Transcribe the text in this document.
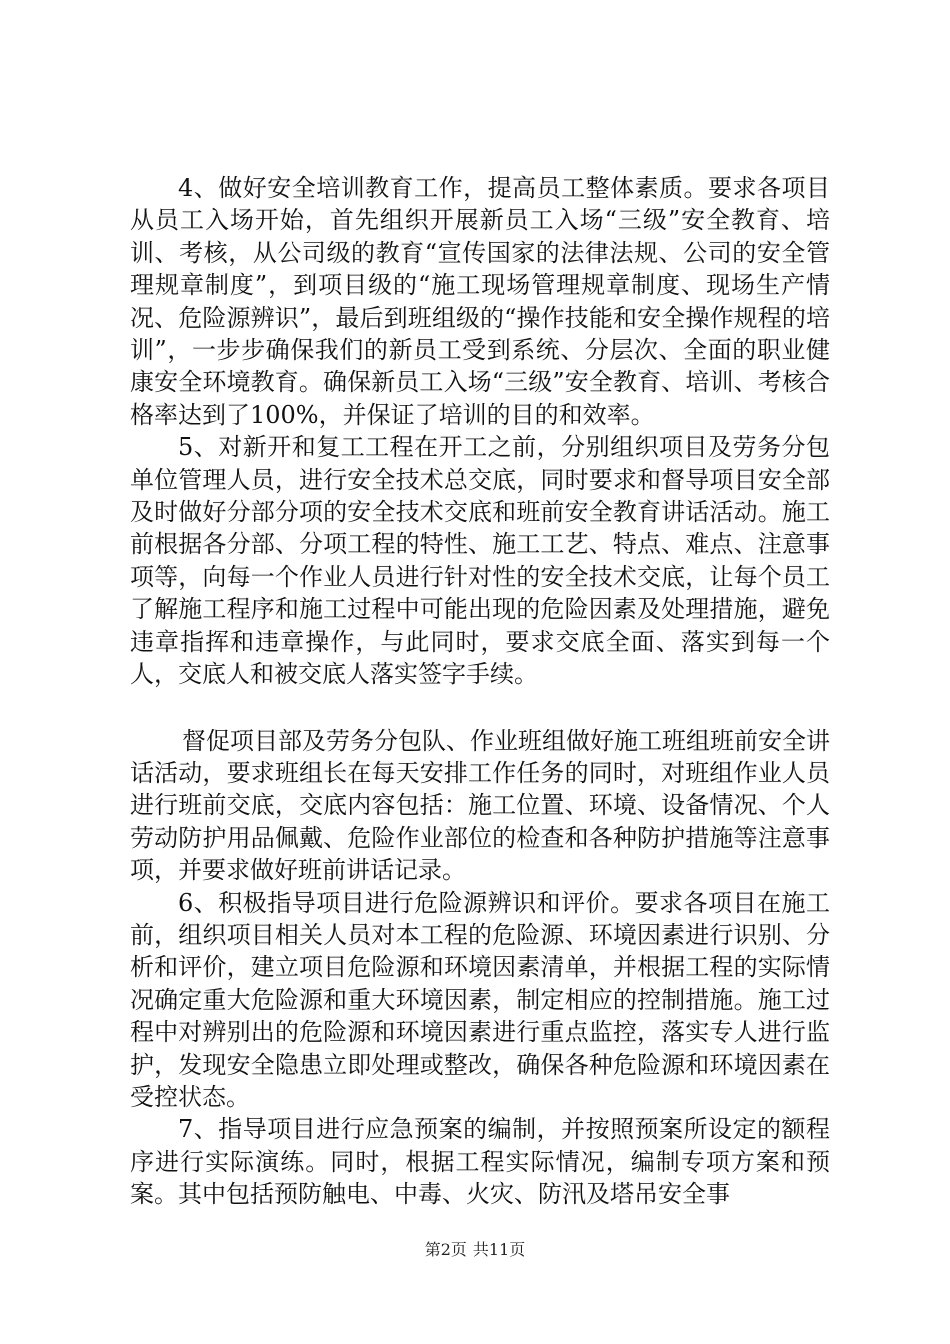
4、做好安全培训教育工作，提高员工整体素质。要求各项目从员工入场开始，首先组织开展新员工入场“三级”安全教育、培训、考核，从公司级的教育“宣传国家的法律法规、公司的安全管理规章制度”，到项目级的“施工现场管理规章制度、现场生产情况、危险源辨识”，最后到班组级的“操作技能和安全操作规程的培训”，一步步确保我们的新员工受到系统、分层次、全面的职业健康安全环境教育。确保新员工入场“三级”安全教育、培训、考核合格率达到了100%，并保证了培训的目的和效率。

5、对新开和复工工程在开工之前，分别组织项目及劳务分包单位管理人员，进行安全技术总交底，同时要求和督导项目安全部及时做好分部分项的安全技术交底和班前安全教育讲话活动。施工前根据各分部、分项工程的特性、施工工艺、特点、难点、注意事项等，向每一个作业人员进行针对性的安全技术交底，让每个员工了解施工程序和施工过程中可能出现的危险因素及处理措施，避免违章指挥和违章操作，与此同时，要求交底全面、落实到每一个人，交底人和被交底人落实签字手续。

督促项目部及劳务分包队、作业班组做好施工班组班前安全讲话活动，要求班组长在每天安排工作任务的同时，对班组作业人员进行班前交底，交底内容包括：施工位置、环境、设备情况、个人劳动防护用品佩戴、危险作业部位的检查和各种防护措施等注意事项，并要求做好班前讲话记录。

6、积极指导项目进行危险源辨识和评价。要求各项目在施工前，组织项目相关人员对本工程的危险源、环境因素进行识别、分析和评价，建立项目危险源和环境因素清单，并根据工程的实际情况确定重大危险源和重大环境因素，制定相应的控制措施。施工过程中对辨别出的危险源和环境因素进行重点监控，落实专人进行监护，发现安全隐患立即处理或整改，确保各种危险源和环境因素在受控状态。

7、指导项目进行应急预案的编制，并按照预案所设定的额程序进行实际演练。同时，根据工程实际情况，编制专项方案和预案。其中包括预防触电、中毒、火灾、防汛及塔吊安全事

第2页 共11页
